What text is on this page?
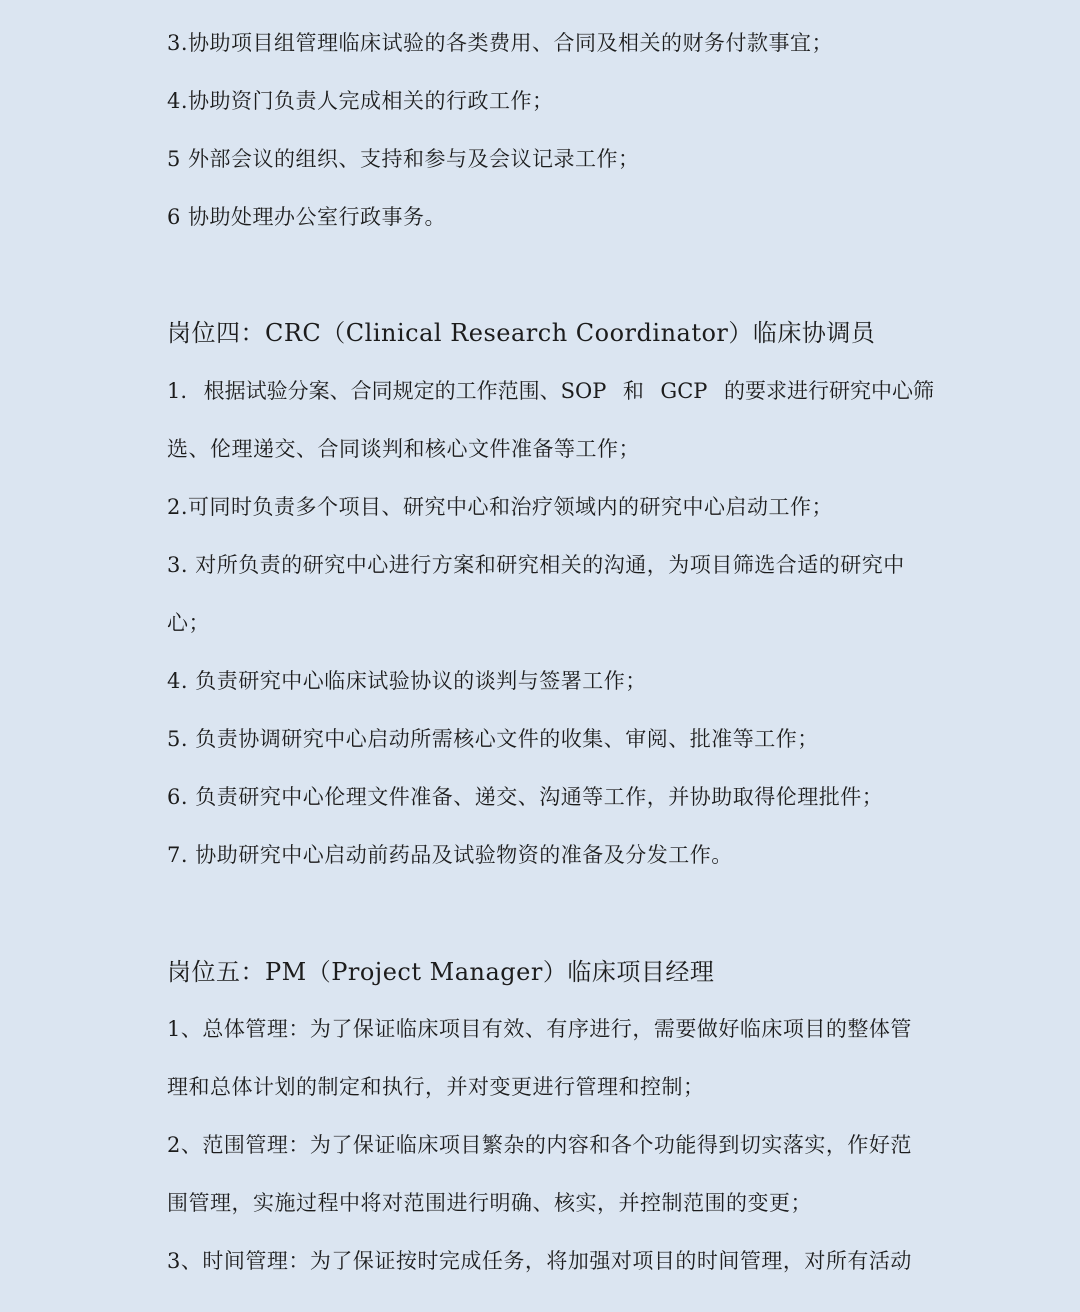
3.协助项目组管理临床试验的各类费用、合同及相关的财务付款事宜；
4.协助资门负责人完成相关的行政工作；
5 外部会议的组织、支持和参与及会议记录工作；
6 协助处理办公室行政事务。
岗位四：CRC（Clinical Research Coordinator）临床协调员
1. 根据试验分案、合同规定的工作范围、SOP 和 GCP 的要求进行研究中心筛
选、伦理递交、合同谈判和核心文件准备等工作；
2.可同时负责多个项目、研究中心和治疗领域内的研究中心启动工作；
3. 对所负责的研究中心进行方案和研究相关的沟通，为项目筛选合适的研究中
心；
4. 负责研究中心临床试验协议的谈判与签署工作；
5. 负责协调研究中心启动所需核心文件的收集、审阅、批准等工作；
6. 负责研究中心伦理文件准备、递交、沟通等工作，并协助取得伦理批件；
7. 协助研究中心启动前药品及试验物资的准备及分发工作。
岗位五：PM（Project Manager）临床项目经理
1、总体管理：为了保证临床项目有效、有序进行，需要做好临床项目的整体管
理和总体计划的制定和执行，并对变更进行管理和控制；
2、范围管理：为了保证临床项目繁杂的内容和各个功能得到切实落实，作好范
围管理，实施过程中将对范围进行明确、核实，并控制范围的变更；
3、时间管理：为了保证按时完成任务，将加强对项目的时间管理，对所有活动
